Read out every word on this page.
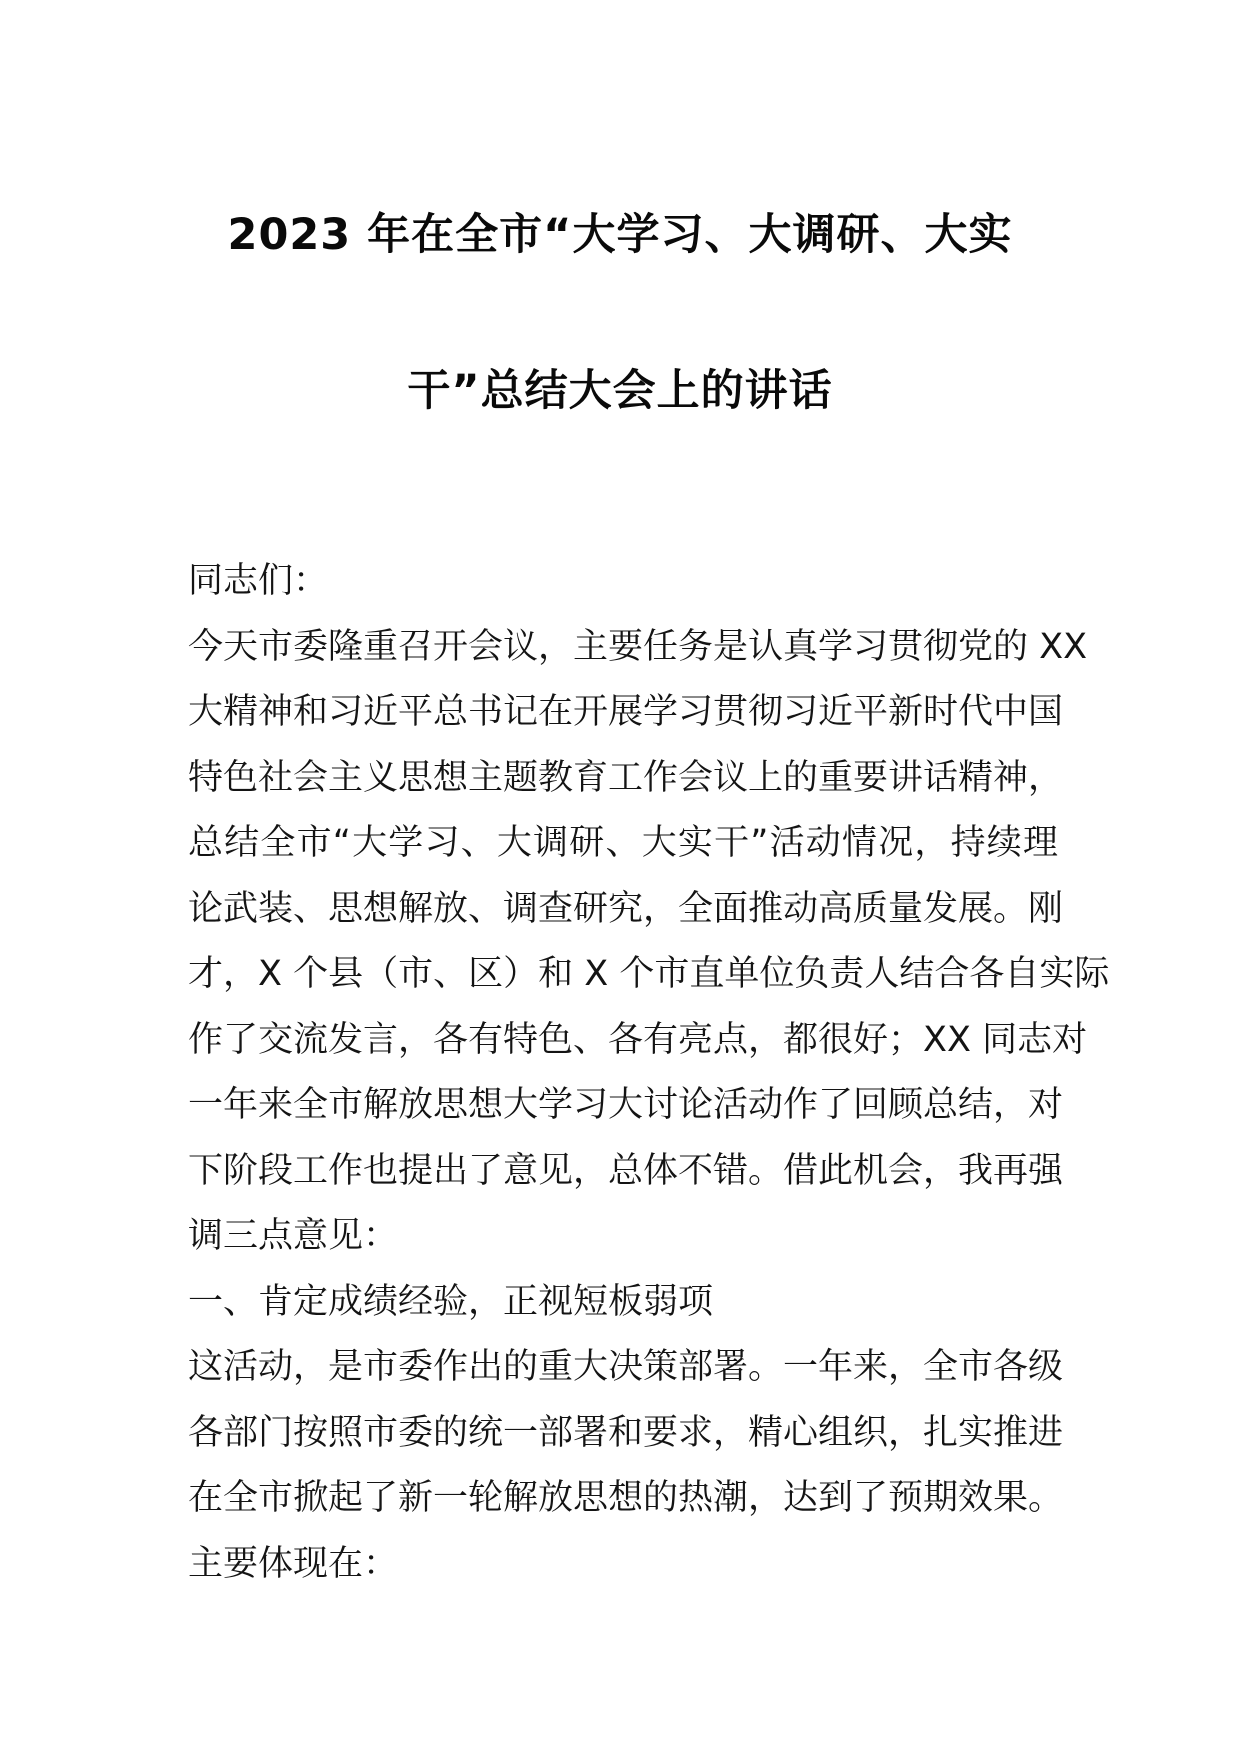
2023 年在全市“大学习、大调研、大实
干”总结大会上的讲话
同志们：
今天市委隆重召开会议，主要任务是认真学习贯彻党的 XX
大精神和习近平总书记在开展学习贯彻习近平新时代中国
特色社会主义思想主题教育工作会议上的重要讲话精神，
总结全市“大学习、大调研、大实干”活动情况，持续理
论武装、思想解放、调查研究，全面推动高质量发展。刚
才，X 个县（市、区）和 X 个市直单位负责人结合各自实际
作了交流发言，各有特色、各有亮点，都很好；XX 同志对
一年来全市解放思想大学习大讨论活动作了回顾总结，对
下阶段工作也提出了意见，总体不错。借此机会，我再强
调三点意见：
一、肯定成绩经验，正视短板弱项
这活动，是市委作出的重大决策部署。一年来，全市各级
各部门按照市委的统一部署和要求，精心组织，扎实推进
在全市掀起了新一轮解放思想的热潮，达到了预期效果。
主要体现在：
